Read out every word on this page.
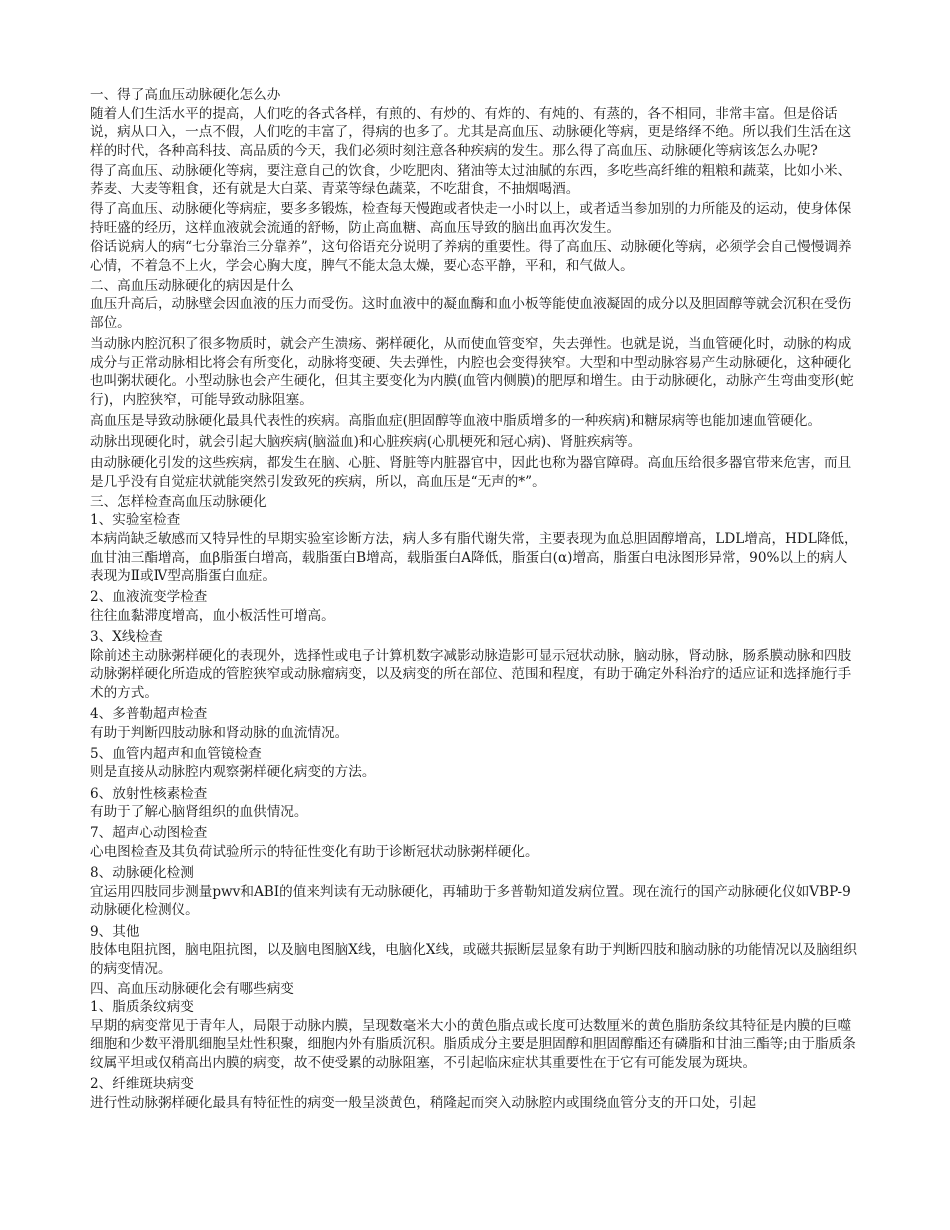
一、得了高血压动脉硬化怎么办

随着人们生活水平的提高，人们吃的各式各样，有煎的、有炒的、有炸的、有炖的、有蒸的，各不相同，非常丰富。但是俗话说，病从口入，一点不假，人们吃的丰富了，得病的也多了。尤其是高血压、动脉硬化等病，更是络绎不绝。所以我们生活在这样的时代，各种高科技、高品质的今天，我们必须时刻注意各种疾病的发生。那么得了高血压、动脉硬化等病该怎么办呢?

得了高血压、动脉硬化等病，要注意自己的饮食，少吃肥肉、猪油等太过油腻的东西，多吃些高纤维的粗粮和蔬菜，比如小米、荞麦、大麦等粗食，还有就是大白菜、青菜等绿色蔬菜，不吃甜食，不抽烟喝酒。

得了高血压、动脉硬化等病症，要多多锻炼，检查每天慢跑或者快走一小时以上，或者适当参加别的力所能及的运动，使身体保持旺盛的经历，这样血液就会流通的舒畅，防止高血糖、高血压导致的脑出血再次发生。

俗话说病人的病“七分靠治三分靠养”，这句俗语充分说明了养病的重要性。得了高血压、动脉硬化等病，必须学会自己慢慢调养心情，不着急不上火，学会心胸大度，脾气不能太急太燥，要心态平静，平和，和气做人。

二、高血压动脉硬化的病因是什么

血压升高后，动脉壁会因血液的压力而受伤。这时血液中的凝血酶和血小板等能使血液凝固的成分以及胆固醇等就会沉积在受伤部位。

当动脉内腔沉积了很多物质时，就会产生溃疡、粥样硬化，从而使血管变窄，失去弹性。也就是说，当血管硬化时，动脉的构成成分与正常动脉相比将会有所变化，动脉将变硬、失去弹性，内腔也会变得狭窄。大型和中型动脉容易产生动脉硬化，这种硬化也叫粥状硬化。小型动脉也会产生硬化，但其主要变化为内膜(血管内侧膜)的肥厚和增生。由于动脉硬化，动脉产生弯曲变形(蛇行)，内腔狭窄，可能导致动脉阻塞。

高血压是导致动脉硬化最具代表性的疾病。高脂血症(胆固醇等血液中脂质增多的一种疾病)和糖尿病等也能加速血管硬化。

动脉出现硬化时，就会引起大脑疾病(脑溢血)和心脏疾病(心肌梗死和冠心病)、肾脏疾病等。

由动脉硬化引发的这些疾病，都发生在脑、心脏、肾脏等内脏器官中，因此也称为器官障碍。高血压给很多器官带来危害，而且是几乎没有自觉症状就能突然引发致死的疾病，所以，高血压是“无声的*”。

三、怎样检查高血压动脉硬化

1、实验室检查

本病尚缺乏敏感而又特异性的早期实验室诊断方法，病人多有脂代谢失常，主要表现为血总胆固醇增高，LDL增高，HDL降低，血甘油三酯增高，血β脂蛋白增高，载脂蛋白B增高，载脂蛋白A降低，脂蛋白(α)增高，脂蛋白电泳图形异常，90%以上的病人表现为Ⅱ或Ⅳ型高脂蛋白血症。

2、血液流变学检查

往往血黏滞度增高，血小板活性可增高。

3、X线检查

除前述主动脉粥样硬化的表现外，选择性或电子计算机数字减影动脉造影可显示冠状动脉，脑动脉，肾动脉，肠系膜动脉和四肢动脉粥样硬化所造成的管腔狭窄或动脉瘤病变，以及病变的所在部位、范围和程度，有助于确定外科治疗的适应证和选择施行手术的方式。

4、多普勒超声检查

有助于判断四肢动脉和肾动脉的血流情况。

5、血管内超声和血管镜检查

则是直接从动脉腔内观察粥样硬化病变的方法。

6、放射性核素检查

有助于了解心脑肾组织的血供情况。

7、超声心动图检查

心电图检查及其负荷试验所示的特征性变化有助于诊断冠状动脉粥样硬化。

8、动脉硬化检测

宜运用四肢同步测量pwv和ABI的值来判读有无动脉硬化，再辅助于多普勒知道发病位置。现在流行的国产动脉硬化仪如VBP-9动脉硬化检测仪。

9、其他

肢体电阻抗图，脑电阻抗图，以及脑电图脑X线，电脑化X线，或磁共振断层显象有助于判断四肢和脑动脉的功能情况以及脑组织的病变情况。

四、高血压动脉硬化会有哪些病变

1、脂质条纹病变

早期的病变常见于青年人，局限于动脉内膜，呈现数毫米大小的黄色脂点或长度可达数厘米的黄色脂肪条纹其特征是内膜的巨噬细胞和少数平滑肌细胞呈灶性积聚，细胞内外有脂质沉积。脂质成分主要是胆固醇和胆固醇酯还有磷脂和甘油三酯等;由于脂质条纹属平坦或仅稍高出内膜的病变，故不使受累的动脉阻塞，不引起临床症状其重要性在于它有可能发展为斑块。

2、纤维斑块病变

进行性动脉粥样硬化最具有特征性的病变一般呈淡黄色，稍隆起而突入动脉腔内或围绕血管分支的开口处，引起
